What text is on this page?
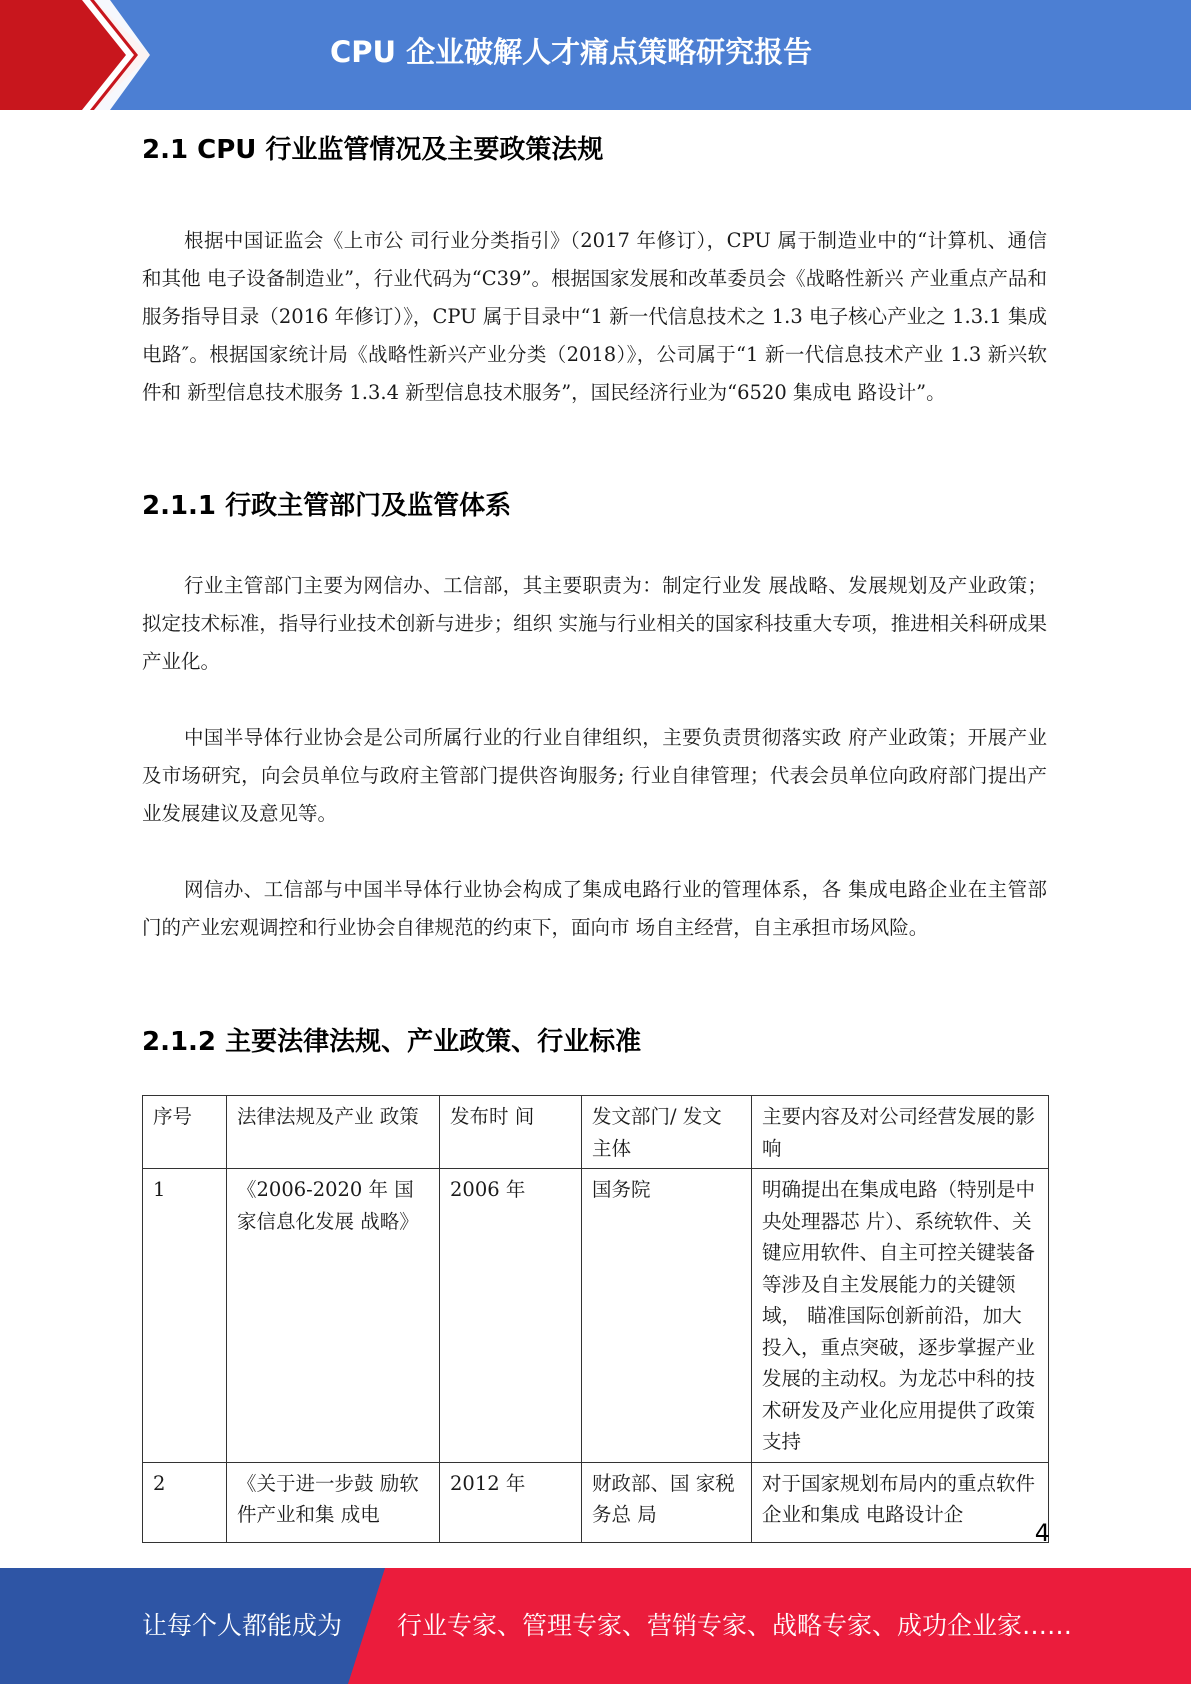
CPU 企业破解人才痛点策略研究报告
2.1 CPU 行业监管情况及主要政策法规
根据中国证监会《上市公 司行业分类指引》（2017 年修订），CPU 属于制造业中的“计算机、通信和其他 电子设备制造业”，行业代码为“C39”。根据国家发展和改革委员会《战略性新兴 产业重点产品和服务指导目录（2016 年修订）》，CPU 属于目录中“1 新一代信息技术之 1.3 电子核心产业之 1.3.1 集成电路″。根据国家统计局《战略性新兴产业分类（2018）》，公司属于“1 新一代信息技术产业 1.3 新兴软件和 新型信息技术服务 1.3.4 新型信息技术服务”，国民经济行业为“6520 集成电 路设计”。
2.1.1 行政主管部门及监管体系
行业主管部门主要为网信办、工信部，其主要职责为：制定行业发 展战略、发展规划及产业政策；拟定技术标准，指导行业技术创新与进步；组织 实施与行业相关的国家科技重大专项，推进相关科研成果产业化。
中国半导体行业协会是公司所属行业的行业自律组织，主要负责贯彻落实政 府产业政策；开展产业及市场研究，向会员单位与政府主管部门提供咨询服务; 行业自律管理；代表会员单位向政府部门提出产业发展建议及意见等。
网信办、工信部与中国半导体行业协会构成了集成电路行业的管理体系，各 集成电路企业在主管部门的产业宏观调控和行业协会自律规范的约束下，面向市 场自主经营，自主承担市场风险。
2.1.2 主要法律法规、产业政策、行业标准
序号	法律法规及产业 政策	发布时 间	发文部门/ 发文主体	主要内容及对公司经营发展的影响
1	《2006-2020 年 国家信息化发展 战略》	2006 年	国务院	明确提出在集成电路（特别是中央处理器芯 片）、系统软件、关键应用软件、自主可控关键装备等涉及自主发展能力的关键领域， 瞄准国际创新前沿，加大投入，重点突破，逐步掌握产业发展的主动权。为龙芯中科的技 术研发及产业化应用提供了政策支持
2	《关于进一步鼓 励软件产业和集 成电	2012 年	财政部、国 家税务总 局	对于国家规划布局内的重点软件企业和集成 电路设计企
4
让每个人都能成为 行业专家、管理专家、营销专家、战略专家、成功企业家……
